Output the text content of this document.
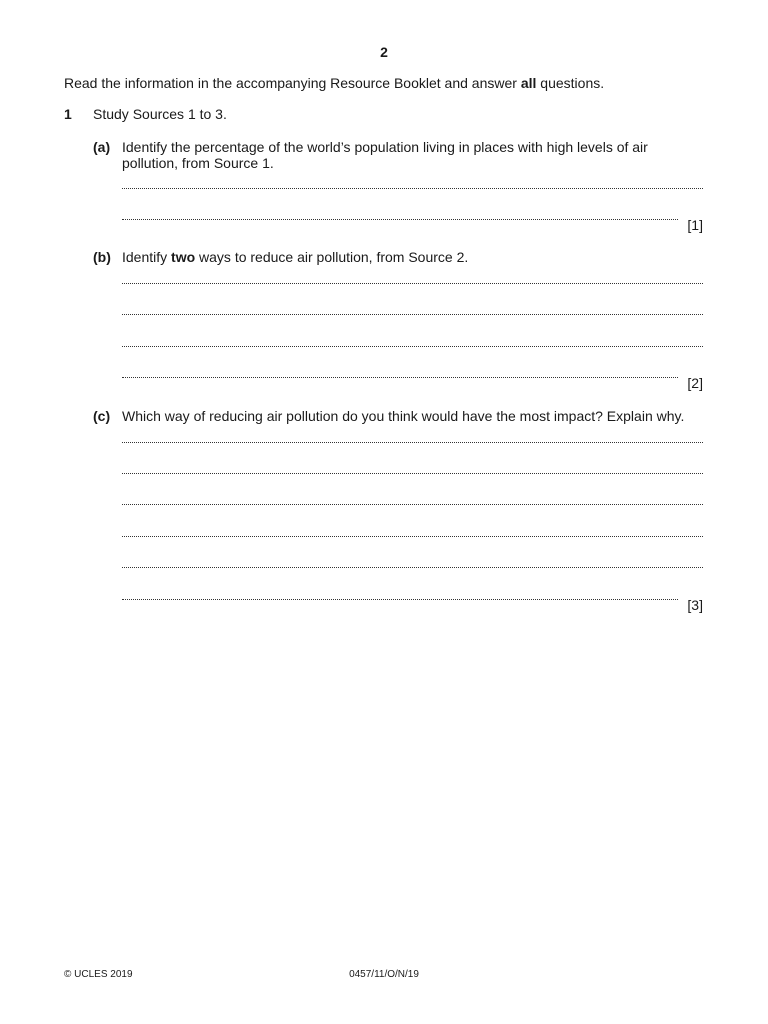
2
Read the information in the accompanying Resource Booklet and answer all questions.
1 Study Sources 1 to 3.
(a) Identify the percentage of the world’s population living in places with high levels of air pollution, from Source 1.
[1]
(b) Identify two ways to reduce air pollution, from Source 2.
[2]
(c) Which way of reducing air pollution do you think would have the most impact? Explain why.
[3]
© UCLES 2019	0457/11/O/N/19
